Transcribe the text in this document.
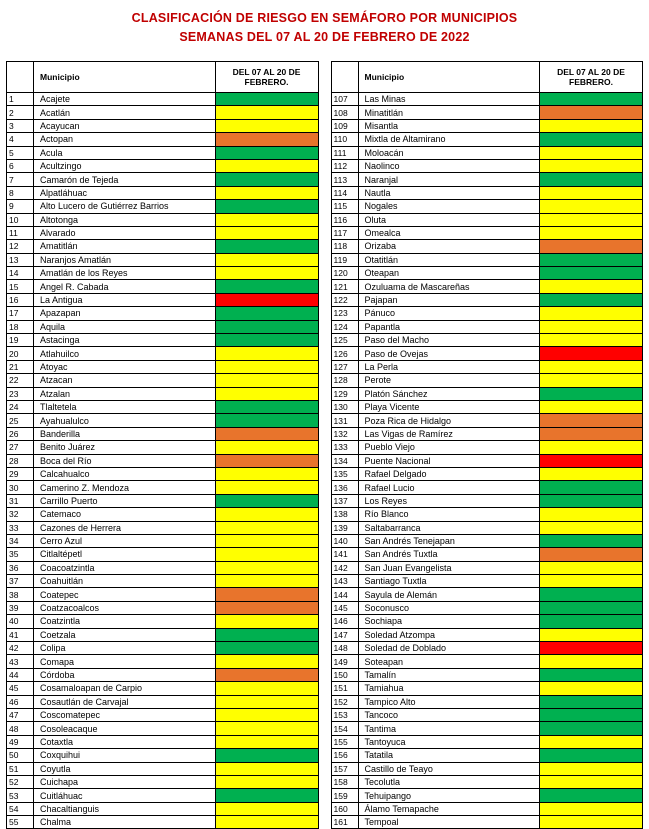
CLASIFICACIÓN DE RIESGO EN SEMÁFORO POR MUNICIPIOS
SEMANAS DEL 07 AL 20 DE FEBRERO DE 2022
	Municipio	DEL 07 AL 20 DE FEBRERO.
1	Acajete	
2	Acatlán	
3	Acayucan	
4	Actopan	
5	Acula	
6	Acultzingo	
7	Camarón de Tejeda	
8	Alpatláhuac	
9	Alto Lucero de Gutiérrez Barrios	
10	Altotonga	
11	Alvarado	
12	Amatitlán	
13	Naranjos Amatlán	
14	Amatlán de los Reyes	
15	Angel R. Cabada	
16	La Antigua	
17	Apazapan	
18	Aquila	
19	Astacinga	
20	Atlahuilco	
21	Atoyac	
22	Atzacan	
23	Atzalan	
24	Tlaltetela	
25	Ayahualulco	
26	Banderilla	
27	Benito Juárez	
28	Boca del Río	
29	Calcahualco	
30	Camerino Z. Mendoza	
31	Carrillo Puerto	
32	Catemaco	
33	Cazones de Herrera	
34	Cerro Azul	
35	Citlaltépetl	
36	Coacoatzintla	
37	Coahuitlán	
38	Coatepec	
39	Coatzacoalcos	
40	Coatzintla	
41	Coetzala	
42	Colipa	
43	Comapa	
44	Córdoba	
45	Cosamaloapan de Carpio	
46	Cosautlán de Carvajal	
47	Coscomatepec	
48	Cosoleacaque	
49	Cotaxtla	
50	Coxquihui	
51	Coyutla	
52	Cuichapa	
53	Cuitláhuac	
54	Chacaltianguis	
55	Chalma	
	Municipio	DEL 07 AL 20 DE FEBRERO.
107	Las Minas	
108	Minatitlán	
109	Misantla	
110	Mixtla de Altamirano	
111	Moloacán	
112	Naolinco	
113	Naranjal	
114	Nautla	
115	Nogales	
116	Oluta	
117	Omealca	
118	Orizaba	
119	Otatitlán	
120	Oteapan	
121	Ozuluama de Mascareñas	
122	Pajapan	
123	Pánuco	
124	Papantla	
125	Paso del Macho	
126	Paso de Ovejas	
127	La Perla	
128	Perote	
129	Platón Sánchez	
130	Playa Vicente	
131	Poza Rica de Hidalgo	
132	Las Vigas de Ramírez	
133	Pueblo Viejo	
134	Puente Nacional	
135	Rafael Delgado	
136	Rafael Lucio	
137	Los Reyes	
138	Río Blanco	
139	Saltabarranca	
140	San Andrés Tenejapan	
141	San Andrés Tuxtla	
142	San Juan Evangelista	
143	Santiago Tuxtla	
144	Sayula de Alemán	
145	Soconusco	
146	Sochiapa	
147	Soledad Atzompa	
148	Soledad de Doblado	
149	Soteapan	
150	Tamalín	
151	Tamiahua	
152	Tampico Alto	
153	Tancoco	
154	Tantima	
155	Tantoyuca	
156	Tatatila	
157	Castillo de Teayo	
158	Tecolutla	
159	Tehuipango	
160	Álamo Temapache	
161	Tempoal	
